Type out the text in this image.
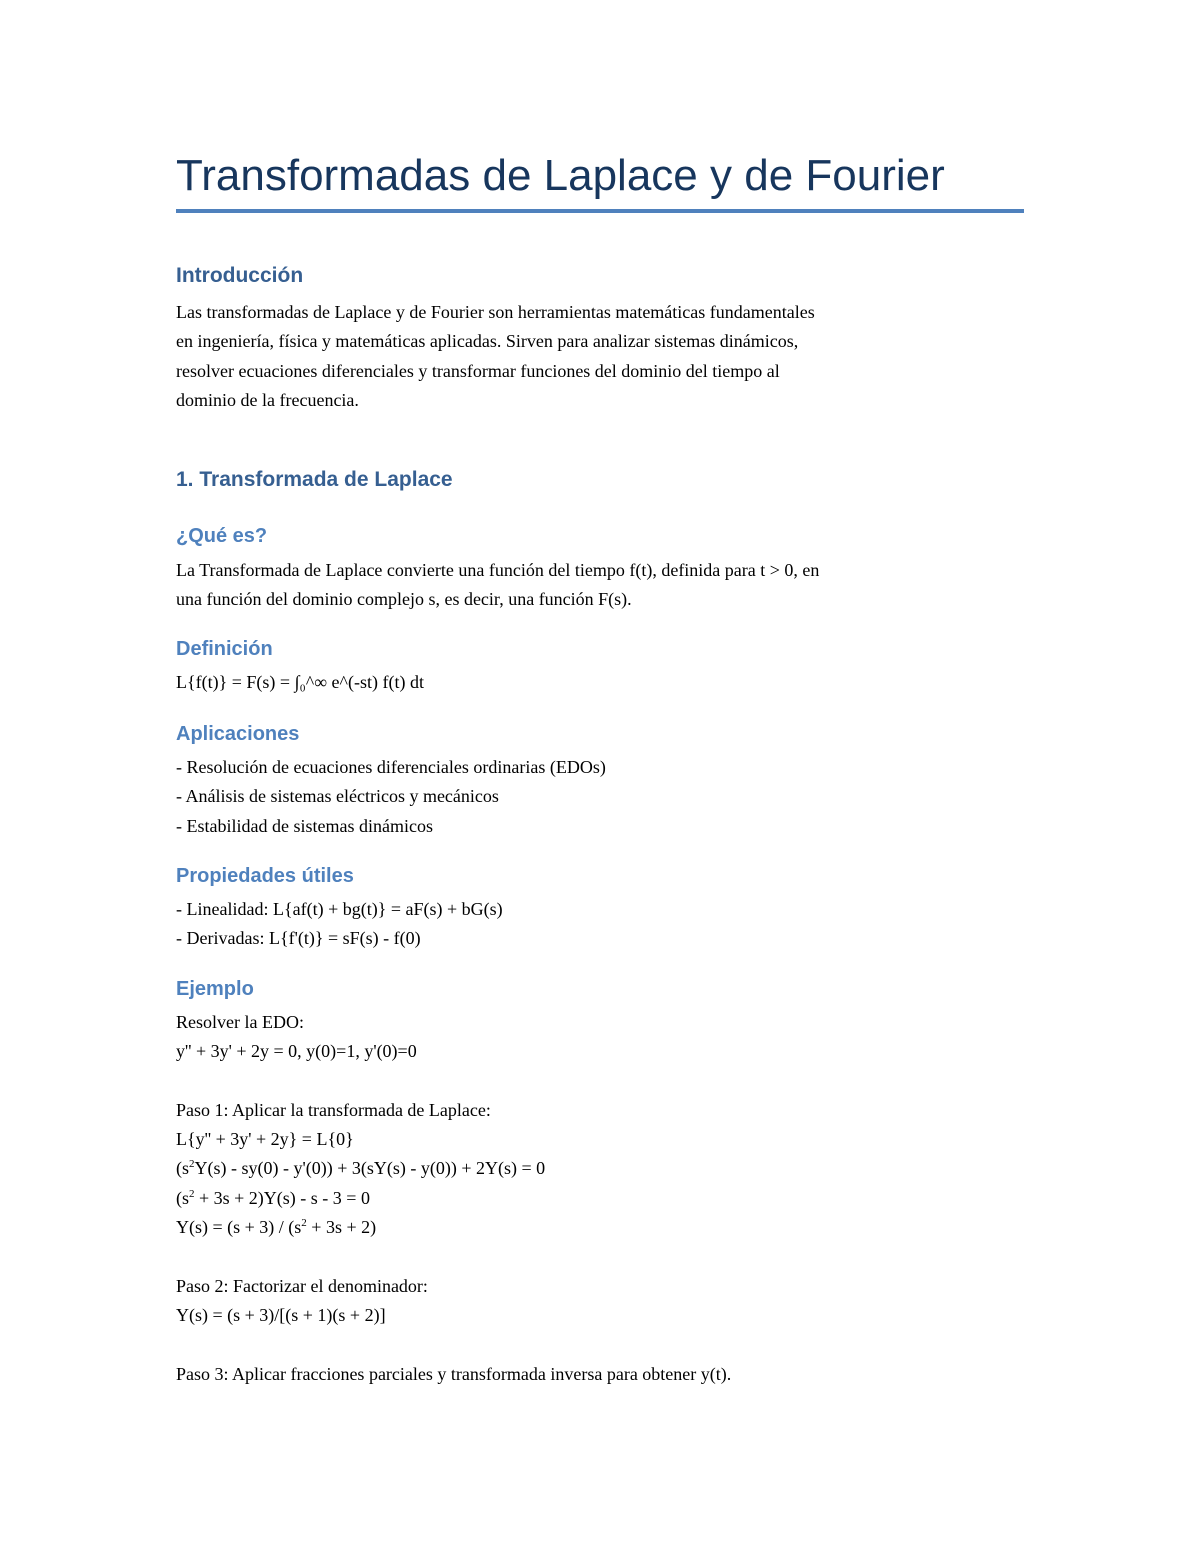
Transformadas de Laplace y de Fourier
Introducción
Las transformadas de Laplace y de Fourier son herramientas matemáticas fundamentales
en ingeniería, física y matemáticas aplicadas. Sirven para analizar sistemas dinámicos,
resolver ecuaciones diferenciales y transformar funciones del dominio del tiempo al
dominio de la frecuencia.
1. Transformada de Laplace
¿Qué es?
La Transformada de Laplace convierte una función del tiempo f(t), definida para t > 0, en
una función del dominio complejo s, es decir, una función F(s).
Definición
L{f(t)} = F(s) = ∫₀^∞ e^(-st) f(t) dt
Aplicaciones
- Resolución de ecuaciones diferenciales ordinarias (EDOs)
- Análisis de sistemas eléctricos y mecánicos
- Estabilidad de sistemas dinámicos
Propiedades útiles
- Linealidad: L{af(t) + bg(t)} = aF(s) + bG(s)
- Derivadas: L{f'(t)} = sF(s) - f(0)
Ejemplo
Resolver la EDO:
y'' + 3y' + 2y = 0, y(0)=1, y'(0)=0
Paso 1: Aplicar la transformada de Laplace:
L{y'' + 3y' + 2y} = L{0}
$(s^2Y(s) - sy(0) - y'(0)) + 3(sY(s) - y(0)) + 2Y(s) = 0$
$(s^2 + 3s + 2)Y(s) - s - 3 = 0$
$Y(s) = (s + 3) / (s^2 + 3s + 2)$
Paso 2: Factorizar el denominador:
Y(s) = (s + 3)/[(s + 1)(s + 2)]
Paso 3: Aplicar fracciones parciales y transformada inversa para obtener y(t).
